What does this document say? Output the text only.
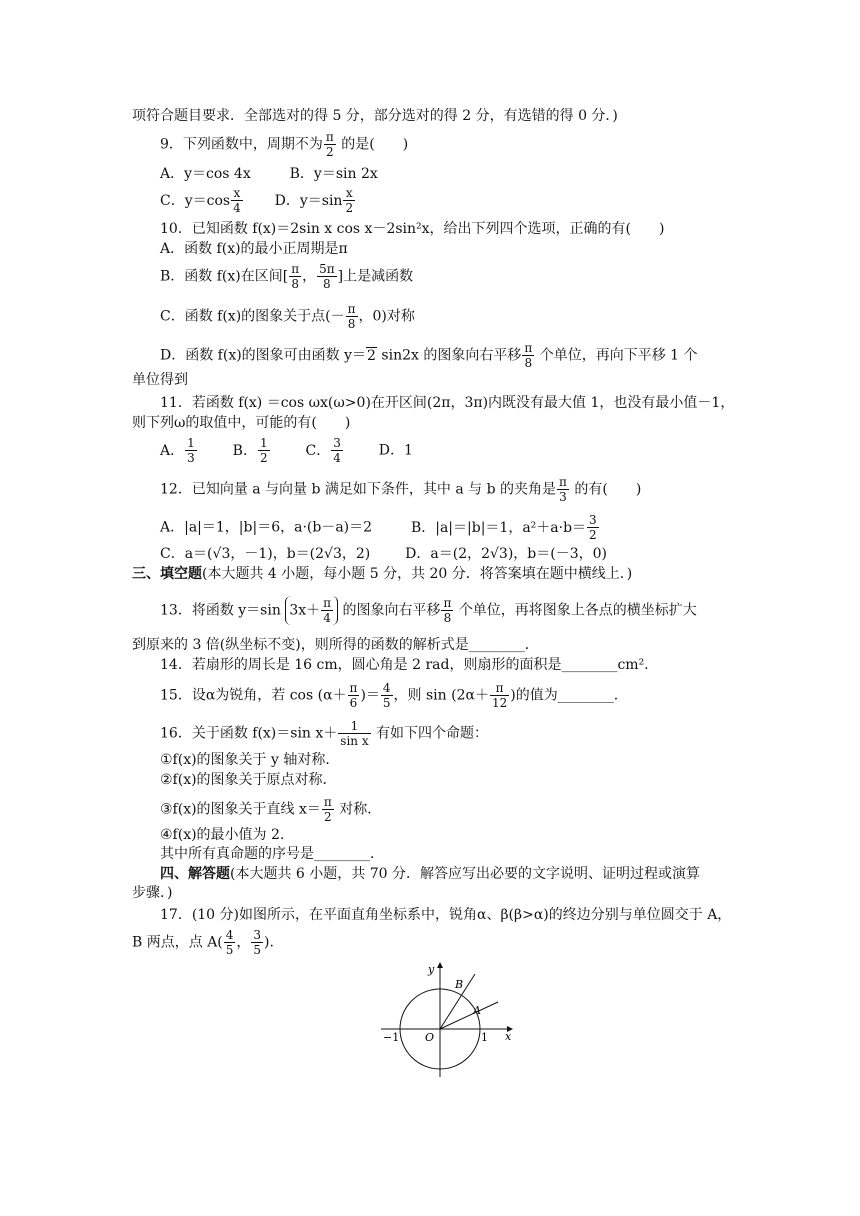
项符合题目要求．全部选对的得 5 分，部分选对的得 2 分，有选错的得 0 分．)
9．下列函数中，周期不为 $\frac{\pi}{2}$ 的是(　　)
A．y＝cos 4x	B．y＝sin 2x
C．$y=\cos \frac{x}{4}$ D．$y=\sin \frac{x}{2}$
10．已知函数 f(x)＝2sin x cos x－2sin²x，给出下列四个选项，正确的有(　　)
A．函数 f(x)的最小正周期是π
B．函数 f(x)在区间[ $\frac{\pi}{8}$ ， $\frac{5\pi}{8}$ ]上是减函数
C．函数 f(x)的图象关于点(－ $\frac{\pi}{8}$ ，0)对称
D．函数 f(x)的图象可由函数 y＝2 sin2x 的图象向右平移 $\frac{\pi}{8}$ 个单位，再向下平移 1 个
单位得到
11．若函数 f(x) ＝cos ωx(ω>0)在开区间(2π，3π)内既没有最大值 1，也没有最小值－1，
则下列ω的取值中，可能的有(　　)
A． $\frac{1}{3}$	B． $\frac{1}{2}$	C． $\frac{3}{4}$	D．1
12．已知向量 a 与向量 b 满足如下条件，其中 a 与 b 的夹角是 $\frac{\pi}{3}$ 的有(　　)
A．|a|＝1，|b|＝6，a·(b－a)＝2	B．|a|＝|b|＝1，$a^2+a\cdot b= \frac{3}{2}$
C．a＝(√3，－1)，b＝(2√3，2) D．a＝(2，2√3)，b＝(－3，0)
三、填空题(本大题共 4 小题，每小题 5 分，共 20 分．将答案填在题中横线上．)
13．将函数 y＝sin $3x+ \frac{\pi}{4}$ 的图象向右平移 $\frac{\pi}{8}$ 个单位，再将图象上各点的横坐标扩大
到原来的 3 倍(纵坐标不变)，则所得的函数的解析式是________．
14．若扇形的周长是 16 cm，圆心角是 2 rad，则扇形的面积是________cm².
15．设α为锐角，若 $\cos (\alpha+ \frac{\pi}{6}$ )＝ $\frac{4}{5}$ ，则 $\sin (2\alpha+ \frac{\pi}{12}$ )的值为________.
16．关于函数 f(x)＝sin $x+ \frac{1}{\text{sin x}}$ 有如下四个命题：
①f(x)的图象关于 y 轴对称．
②f(x)的图象关于原点对称．
③f(x)的图象关于直线 $x= \frac{\pi}{2}$ 对称．
④f(x)的最小值为 2.
其中所有真命题的序号是________．
四、解答题(本大题共 6 小题，共 70 分．解答应写出必要的文字说明、证明过程或演算
步骤．)
17．(10 分)如图所示，在平面直角坐标系中，锐角α、β(β>α)的终边分别与单位圆交于 A，
B 两点，点 $A( \frac{4}{5}$ ， $\frac{3}{5}$ ).
y
x
B
A
O
−1	1
